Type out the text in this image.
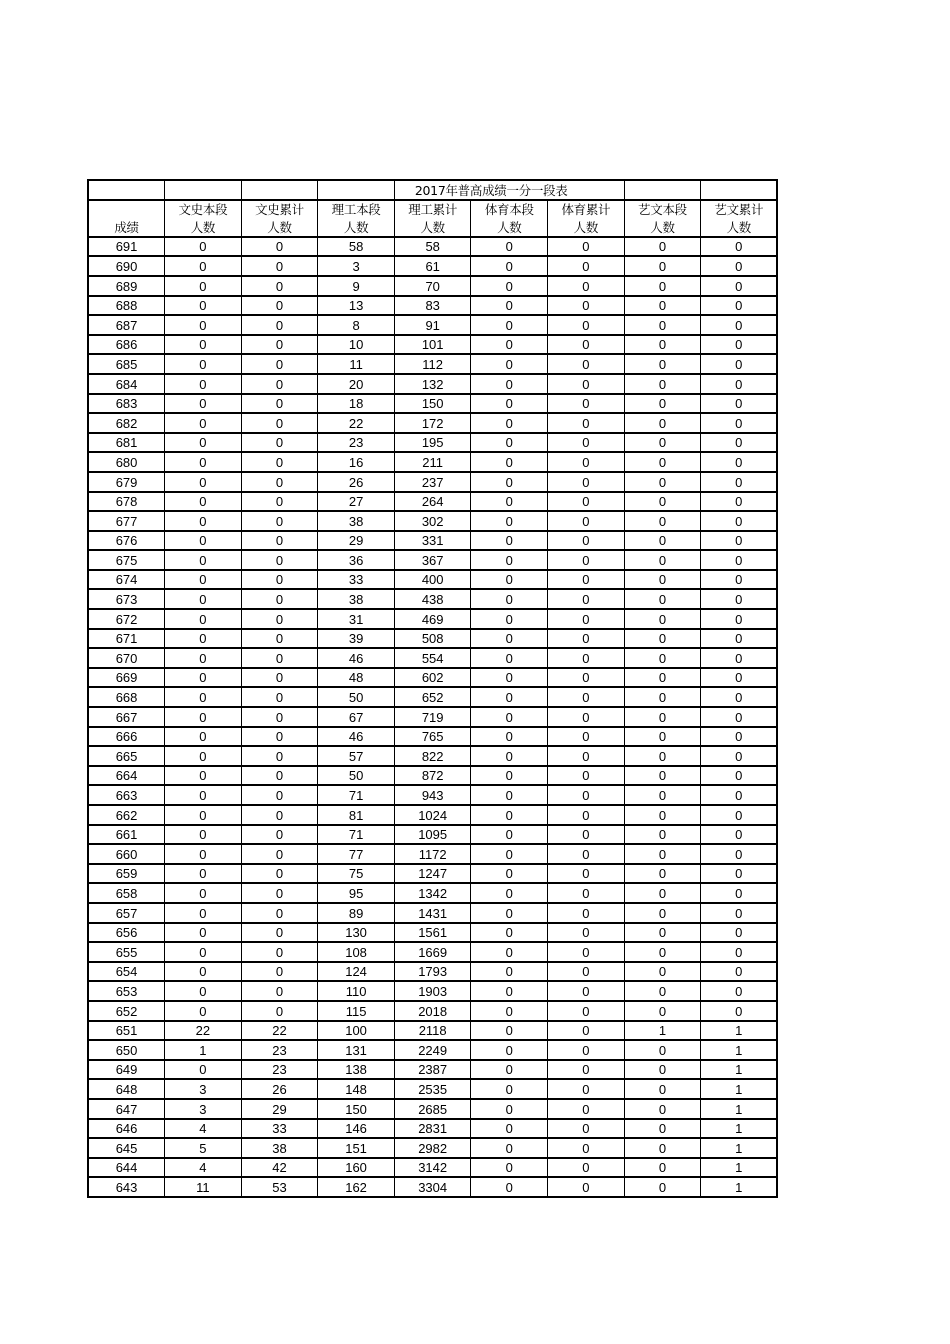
				2017年普高成绩一分一段表				
	文史本段	文史累计	理工本段	理工累计	体育本段	体育累计	艺文本段	艺文累计
成绩	人数	人数	人数	人数	人数	人数	人数	人数
691	0	0	58	58	0	0	0	0
690	0	0	3	61	0	0	0	0
689	0	0	9	70	0	0	0	0
688	0	0	13	83	0	0	0	0
687	0	0	8	91	0	0	0	0
686	0	0	10	101	0	0	0	0
685	0	0	11	112	0	0	0	0
684	0	0	20	132	0	0	0	0
683	0	0	18	150	0	0	0	0
682	0	0	22	172	0	0	0	0
681	0	0	23	195	0	0	0	0
680	0	0	16	211	0	0	0	0
679	0	0	26	237	0	0	0	0
678	0	0	27	264	0	0	0	0
677	0	0	38	302	0	0	0	0
676	0	0	29	331	0	0	0	0
675	0	0	36	367	0	0	0	0
674	0	0	33	400	0	0	0	0
673	0	0	38	438	0	0	0	0
672	0	0	31	469	0	0	0	0
671	0	0	39	508	0	0	0	0
670	0	0	46	554	0	0	0	0
669	0	0	48	602	0	0	0	0
668	0	0	50	652	0	0	0	0
667	0	0	67	719	0	0	0	0
666	0	0	46	765	0	0	0	0
665	0	0	57	822	0	0	0	0
664	0	0	50	872	0	0	0	0
663	0	0	71	943	0	0	0	0
662	0	0	81	1024	0	0	0	0
661	0	0	71	1095	0	0	0	0
660	0	0	77	1172	0	0	0	0
659	0	0	75	1247	0	0	0	0
658	0	0	95	1342	0	0	0	0
657	0	0	89	1431	0	0	0	0
656	0	0	130	1561	0	0	0	0
655	0	0	108	1669	0	0	0	0
654	0	0	124	1793	0	0	0	0
653	0	0	110	1903	0	0	0	0
652	0	0	115	2018	0	0	0	0
651	22	22	100	2118	0	0	1	1
650	1	23	131	2249	0	0	0	1
649	0	23	138	2387	0	0	0	1
648	3	26	148	2535	0	0	0	1
647	3	29	150	2685	0	0	0	1
646	4	33	146	2831	0	0	0	1
645	5	38	151	2982	0	0	0	1
644	4	42	160	3142	0	0	0	1
643	11	53	162	3304	0	0	0	1
